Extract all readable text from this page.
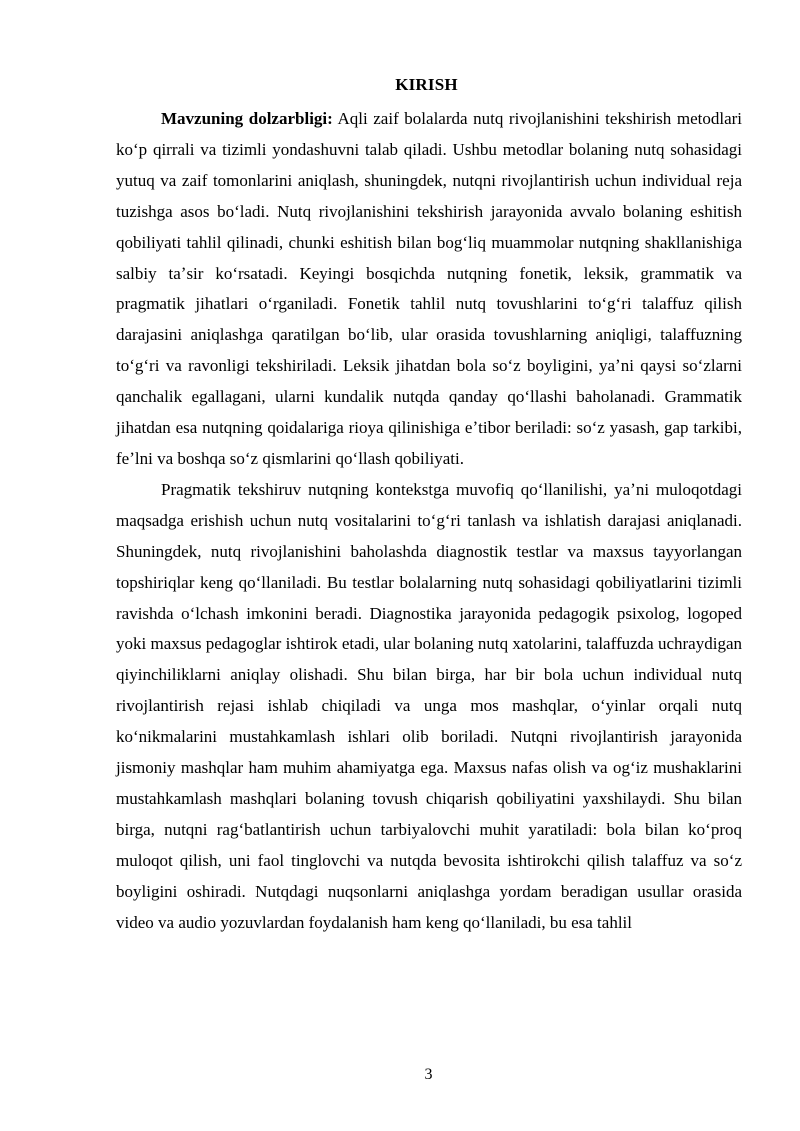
KIRISH

Mavzuning dolzarbligi: Aqli zaif bolalarda nutq rivojlanishini tekshirish metodlari koʻp qirrali va tizimli yondashuvni talab qiladi. Ushbu metodlar bolaning nutq sohasidagi yutuq va zaif tomonlarini aniqlash, shuningdek, nutqni rivojlantirish uchun individual reja tuzishga asos boʻladi. Nutq rivojlanishini tekshirish jarayonida avvalo bolaning eshitish qobiliyati tahlil qilinadi, chunki eshitish bilan bogʻliq muammolar nutqning shakllanishiga salbiy taʼsir koʻrsatadi. Keyingi bosqichda nutqning fonetik, leksik, grammatik va pragmatik jihatlari oʻrganiladi. Fonetik tahlil nutq tovushlarini toʻgʻri talaffuz qilish darajasini aniqlashga qaratilgan boʻlib, ular orasida tovushlarning aniqligi, talaffuzning toʻgʻri va ravonligi tekshiriladi. Leksik jihatdan bola soʻz boyligini, yaʼni qaysi soʻzlarni qanchalik egallagani, ularni kundalik nutqda qanday qoʻllashi baholanadi. Grammatik jihatdan esa nutqning qoidalariga rioya qilinishiga eʼtibor beriladi: soʻz yasash, gap tarkibi, feʼlni va boshqa soʻz qismlarini qoʻllash qobiliyati.

Pragmatik tekshiruv nutqning kontekstga muvofiq qoʻllanilishi, yaʼni muloqotdagi maqsadga erishish uchun nutq vositalarini toʻgʻri tanlash va ishlatish darajasi aniqlanadi. Shuningdek, nutq rivojlanishini baholashda diagnostik testlar va maxsus tayyorlangan topshiriqlar keng qoʻllaniladi. Bu testlar bolalarning nutq sohasidagi qobiliyatlarini tizimli ravishda oʻlchash imkonini beradi. Diagnostika jarayonida pedagogik psixolog, logoped yoki maxsus pedagoglar ishtirok etadi, ular bolaning nutq xatolarini, talaffuzda uchraydigan qiyinchiliklarni aniqlay olishadi. Shu bilan birga, har bir bola uchun individual nutq rivojlantirish rejasi ishlab chiqiladi va unga mos mashqlar, oʻyinlar orqali nutq koʻnikmalarini mustahkamlash ishlari olib boriladi. Nutqni rivojlantirish jarayonida jismoniy mashqlar ham muhim ahamiyatga ega. Maxsus nafas olish va ogʻiz mushaklarini mustahkamlash mashqlari bolaning tovush chiqarish qobiliyatini yaxshilaydi. Shu bilan birga, nutqni ragʻbatlantirish uchun tarbiyalovchi muhit yaratiladi: bola bilan koʻproq muloqot qilish, uni faol tinglovchi va nutqda bevosita ishtirokchi qilish talaffuz va soʻz boyligini oshiradi. Nutqdagi nuqsonlarni aniqlashga yordam beradigan usullar orasida video va audio yozuvlardan foydalanish ham keng qoʻllaniladi, bu esa tahlil

3
